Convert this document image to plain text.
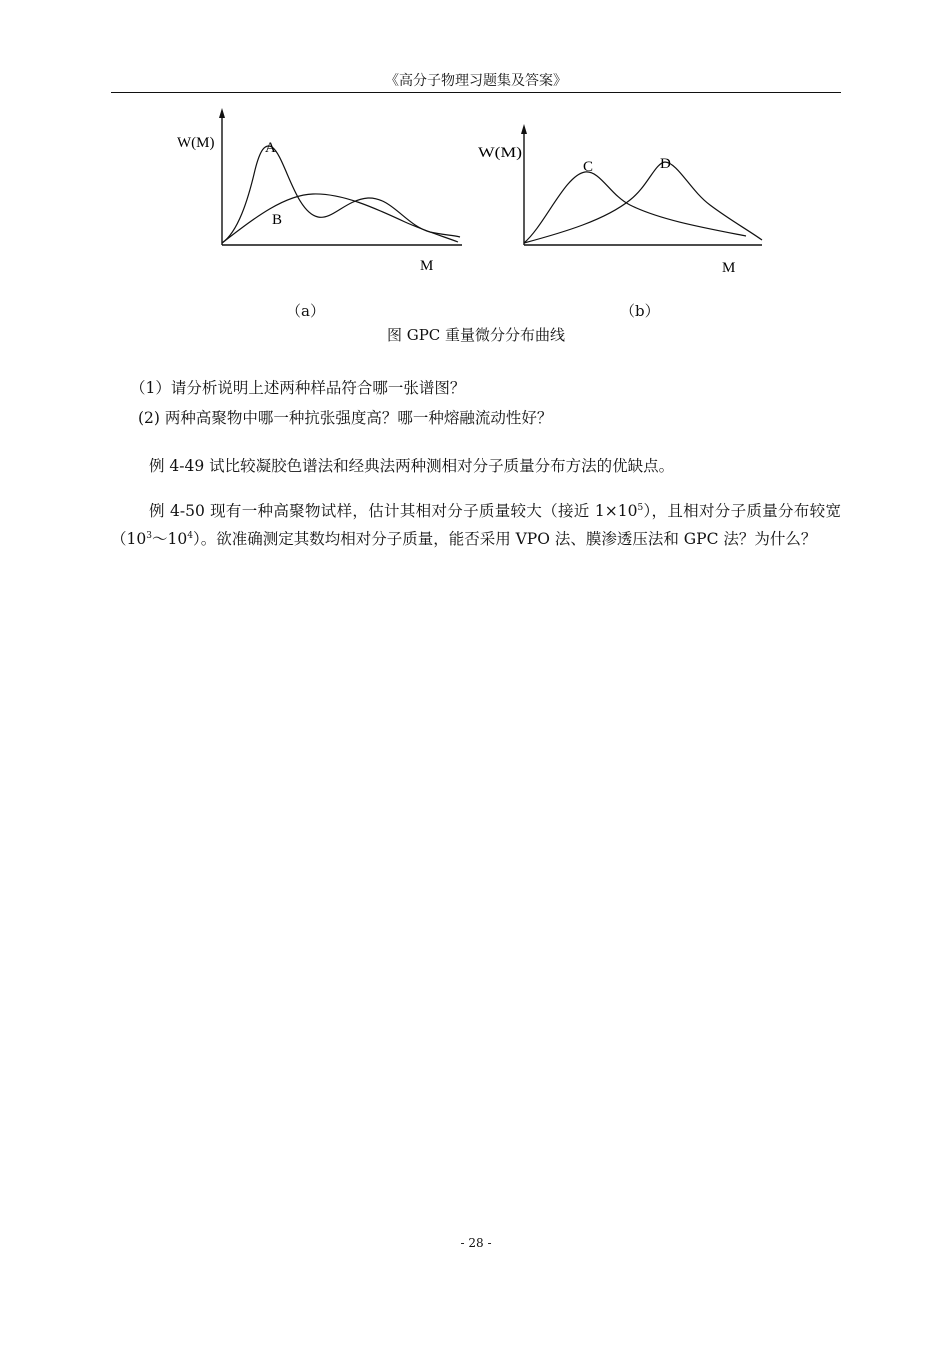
《高分子物理习题集及答案》
W(M)	A
B
M
W(M)
C	D
M
（a）	（b）
图 GPC 重量微分分布曲线
（1）请分析说明上述两种样品符合哪一张谱图？
(2) 两种高聚物中哪一种抗张强度高？哪一种熔融流动性好？
例 4-49 试比较凝胶色谱法和经典法两种测相对分子质量分布方法的优缺点。
例 4-50 现有一种高聚物试样，估计其相对分子质量较大（接近 $1\times 10^5$），且相对分子质量分布较宽$(10^3\sim 10^4)$。欲准确测定其数均相对分子质量，能否采用 VPO 法、膜渗透压法和 GPC 法？为什么？
- 28 -
